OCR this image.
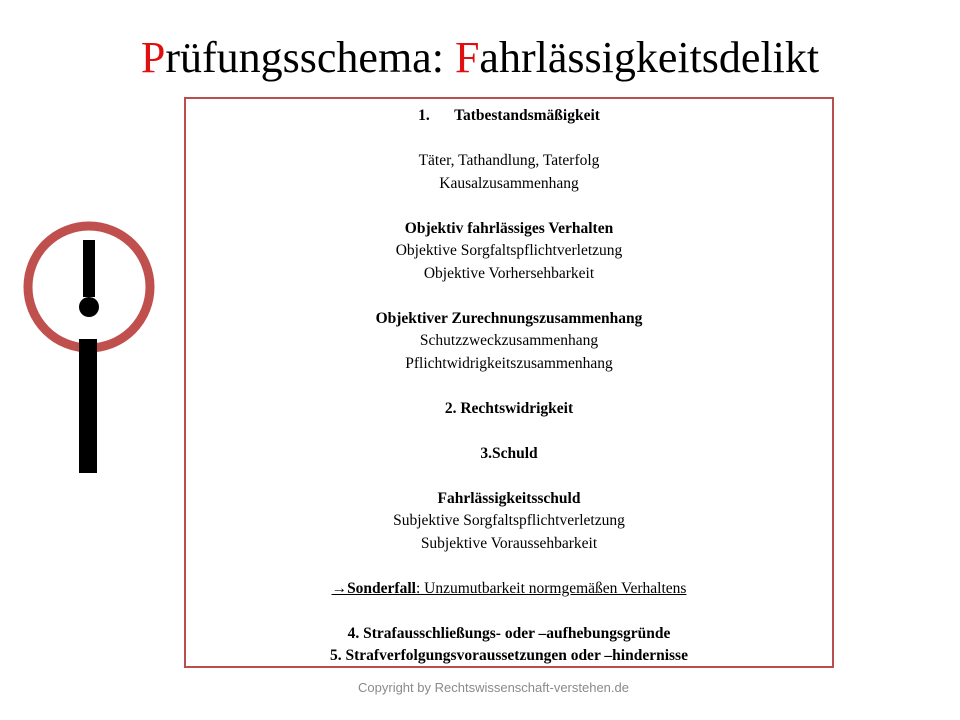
Prüfungsschema: Fahrlässigkeitsdelikt
1. Tatbestandsmäßigkeit
Täter, Tathandlung, Taterfolg
Kausalzusammenhang
Objektiv fahrlässiges Verhalten
Objektive Sorgfaltspflichtverletzung
Objektive Vorhersehbarkeit
Objektiver Zurechnungszusammenhang
Schutzzweckzusammenhang
Pflichtwidrigkeitszusammenhang
2. Rechtswidrigkeit
3.Schuld
Fahrlässigkeitsschuld
Subjektive Sorgfaltspflichtverletzung
Subjektive Voraussehbarkeit
→Sonderfall: Unzumutbarkeit normgemäßen Verhaltens
4. Strafausschließungs- oder –aufhebungsgründe
5. Strafverfolgungsvoraussetzungen oder –hindernisse
Copyright by Rechtswissenschaft-verstehen.de
